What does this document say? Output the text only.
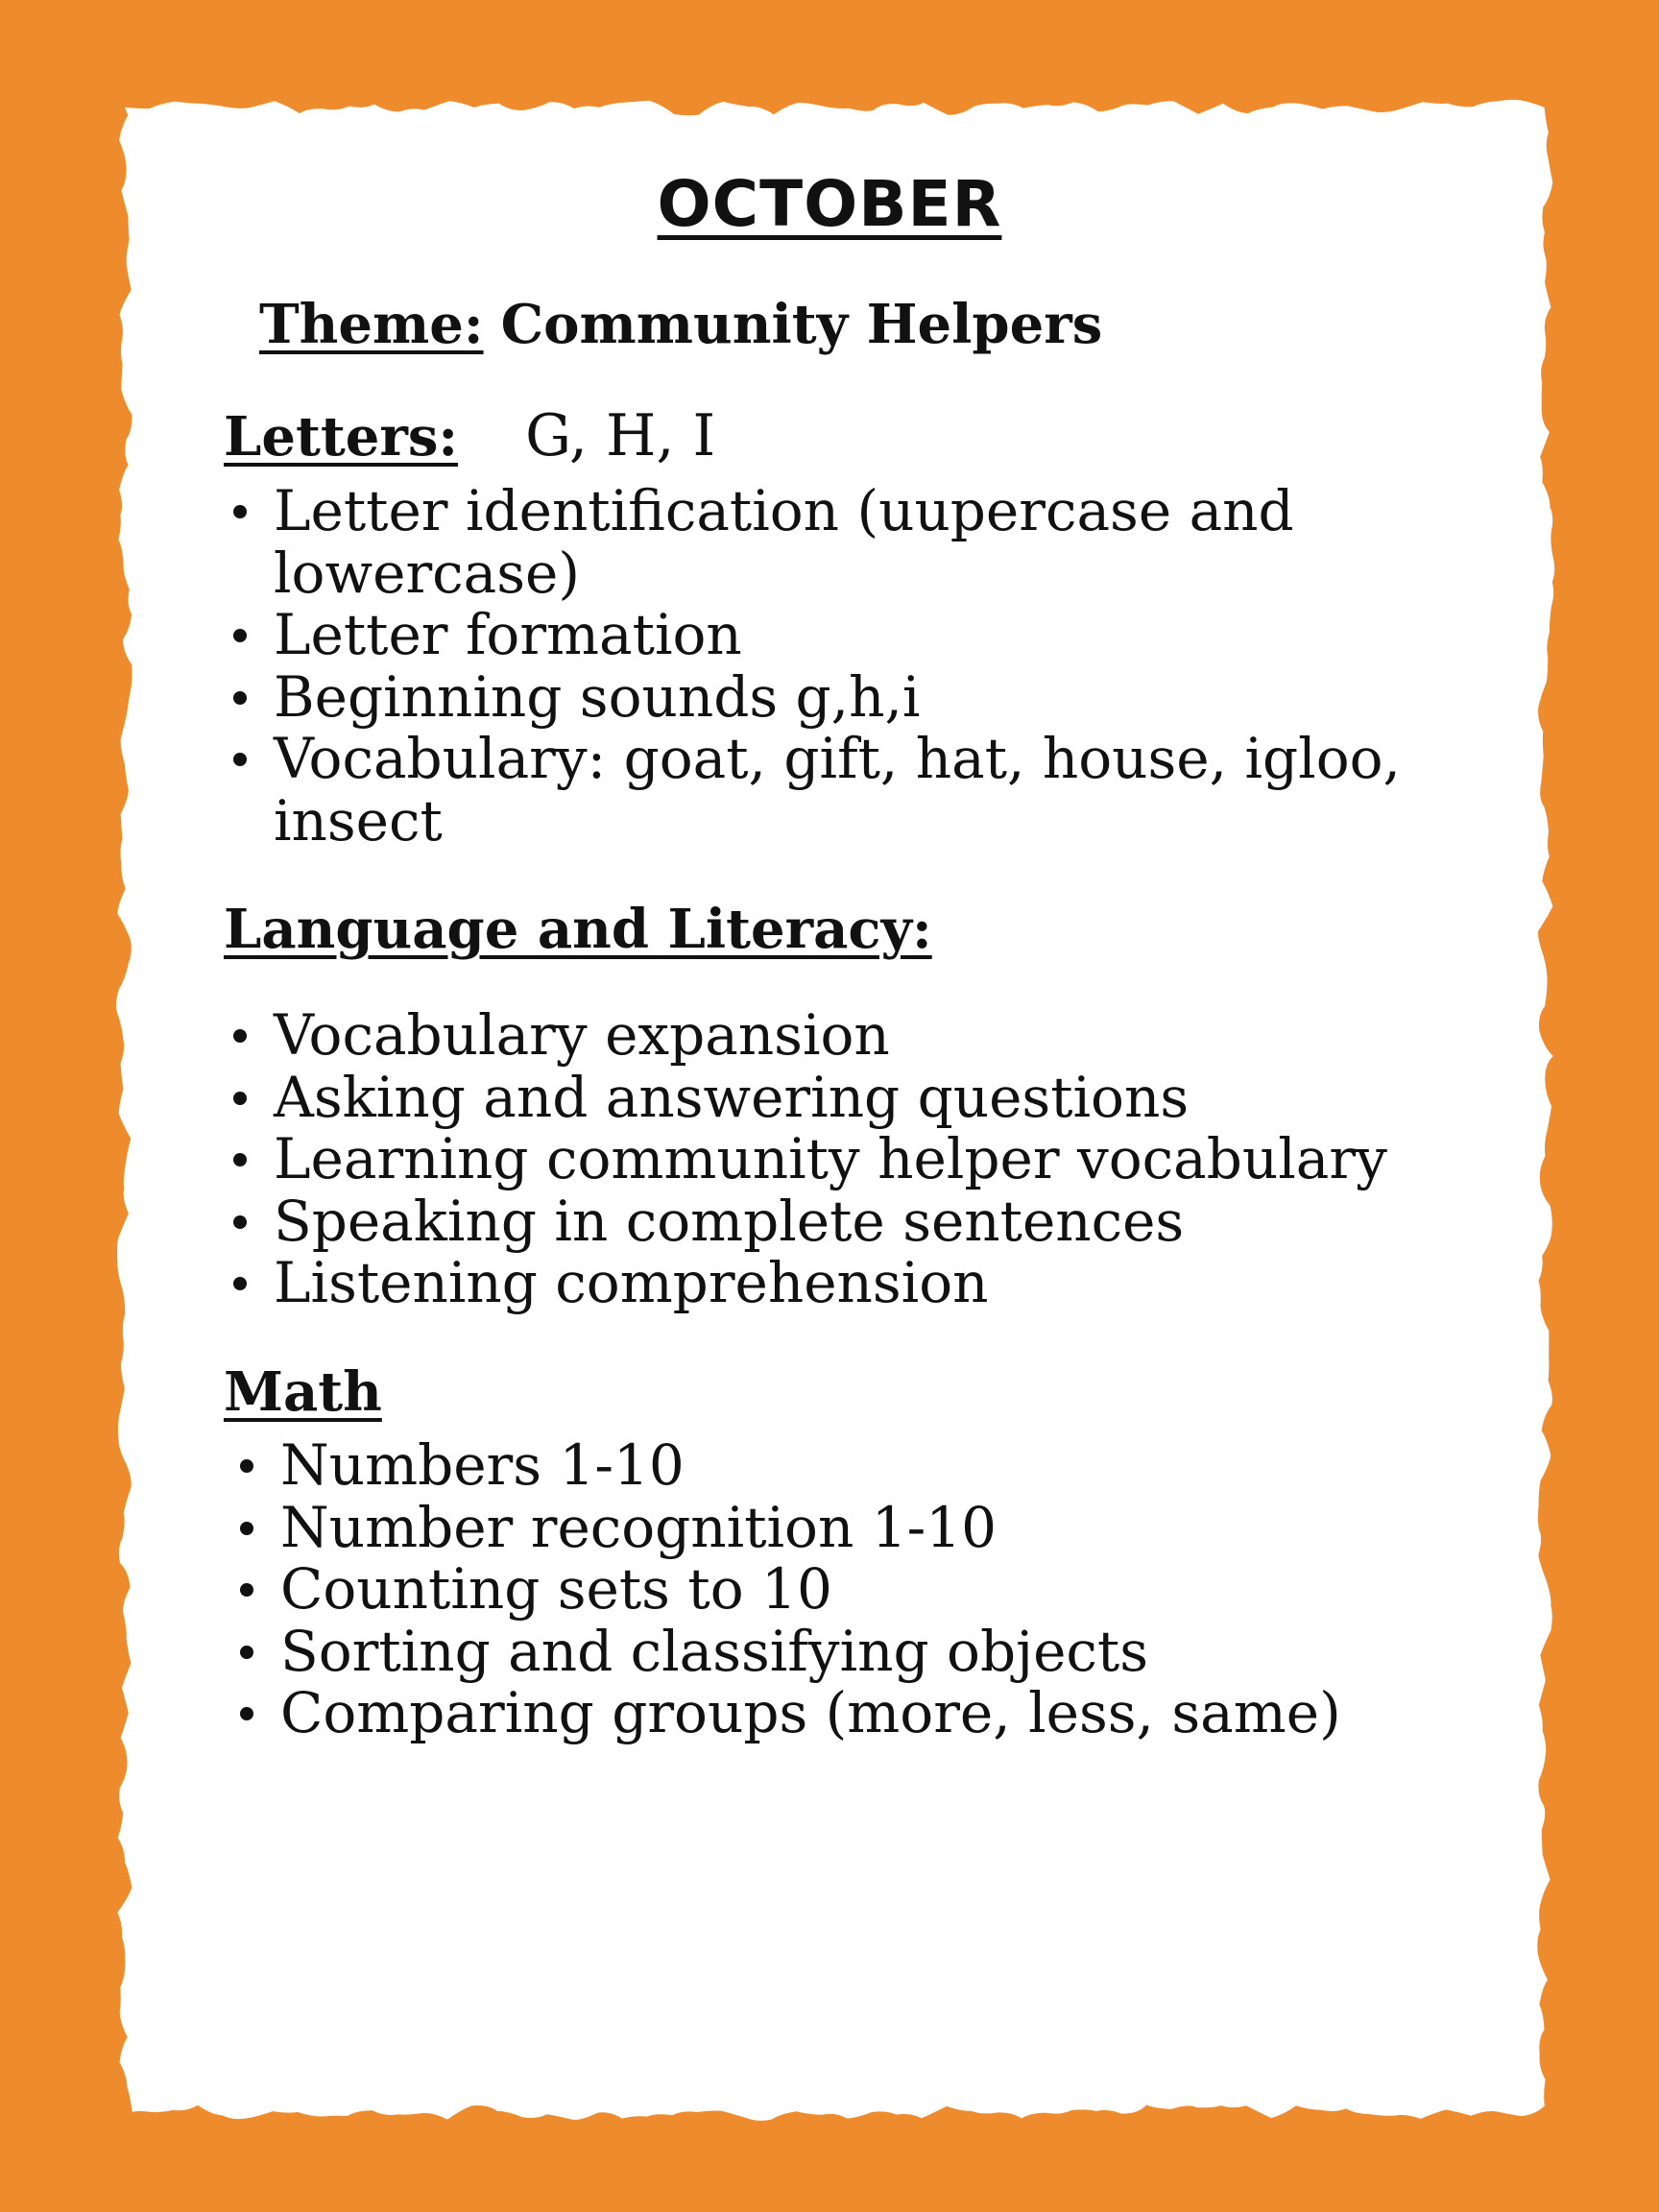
OCTOBER
Theme: Community Helpers
Letters: G, H, I
Letter identification (uupercase and lowercase)
Letter formation
Beginning sounds g,h,i
Vocabulary: goat, gift, hat, house, igloo, insect
Language and Literacy:
Vocabulary expansion
Asking and answering questions
Learning community helper vocabulary
Speaking in complete sentences
Listening comprehension
Math
Numbers 1-10
Number recognition 1-10
Counting sets to 10
Sorting and classifying objects
Comparing groups (more, less, same)
